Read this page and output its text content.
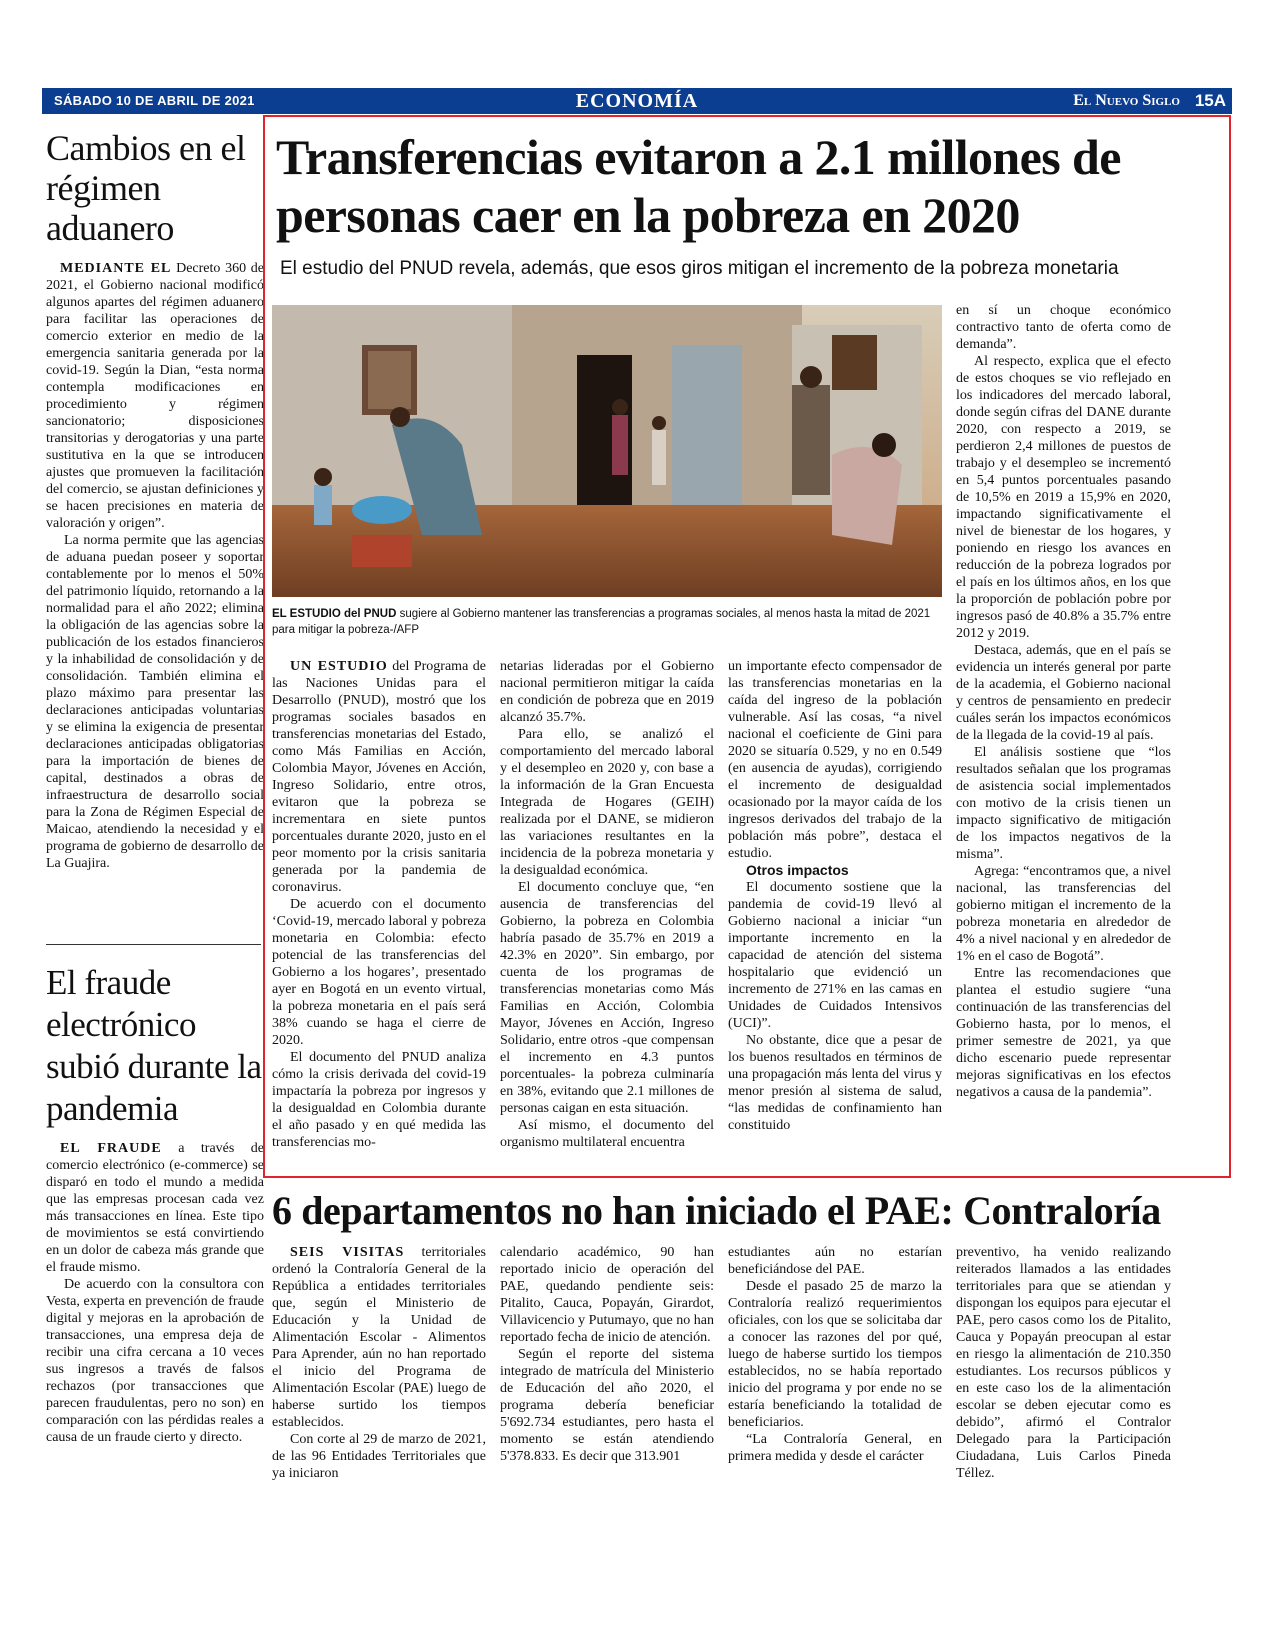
SÁBADO 10 DE ABRIL DE 2021	ECONOMÍA	El Nuevo Siglo 15A
Cambios en el régimen aduanero

MEDIANTE EL Decreto 360 de 2021, el Gobierno nacional modificó algunos apartes del régimen aduanero para facilitar las operaciones de comercio exterior en medio de la emergencia sanitaria generada por la covid-19. Según la Dian, “esta norma contempla modificaciones en procedimiento y régimen sancionatorio; disposiciones transitorias y derogatorias y una parte sustitutiva en la que se introducen ajustes que promueven la facilitación del comercio, se ajustan definiciones y se hacen precisiones en materia de valoración y origen”.

La norma permite que las agencias de aduana puedan poseer y soportar contablemente por lo menos el 50% del patrimonio líquido, retornando a la normalidad para el año 2022; elimina la obligación de las agencias sobre la publicación de los estados financieros y la inhabilidad de consolidación y de consolidación. También elimina el plazo máximo para presentar las declaraciones anticipadas voluntarias y se elimina la exigencia de presentar declaraciones anticipadas obligatorias para la importación de bienes de capital, destinados a obras de infraestructura de desarrollo social para la Zona de Régimen Especial de Maicao, atendiendo la necesidad y el programa de gobierno de desarrollo de La Guajira.

El fraude electrónico subió durante la pandemia

EL FRAUDE a través de comercio electrónico (e-commerce) se disparó en todo el mundo a medida que las empresas procesan cada vez más transacciones en línea. Este tipo de movimientos se está convirtiendo en un dolor de cabeza más grande que el fraude mismo.

De acuerdo con la consultora con Vesta, experta en prevención de fraude digital y mejoras en la aprobación de transacciones, una empresa deja de recibir una cifra cercana a 10 veces sus ingresos a través de falsos rechazos (por transacciones que parecen fraudulentas, pero no son) en comparación con las pérdidas reales a causa de un fraude cierto y directo.

Transferencias evitaron a 2.1 millones de personas caer en la pobreza en 2020

El estudio del PNUD revela, además, que esos giros mitigan el incremento de la pobreza monetaria

EL ESTUDIO del PNUD sugiere al Gobierno mantener las transferencias a programas sociales, al menos hasta la mitad de 2021 para mitigar la pobreza-/AFP

UN ESTUDIO del Programa de las Naciones Unidas para el Desarrollo (PNUD), mostró que los programas sociales basados en transferencias monetarias del Estado, como Más Familias en Acción, Colombia Mayor, Jóvenes en Acción, Ingreso Solidario, entre otros, evitaron que la pobreza se incrementara en siete puntos porcentuales durante 2020, justo en el peor momento por la crisis sanitaria generada por la pandemia de coronavirus.

De acuerdo con el documento ‘Covid-19, mercado laboral y pobreza monetaria en Colombia: efecto potencial de las transferencias del Gobierno a los hogares’, presentado ayer en Bogotá en un evento virtual, la pobreza monetaria en el país será 38% cuando se haga el cierre de 2020.

El documento del PNUD analiza cómo la crisis derivada del covid-19 impactaría la pobreza por ingresos y la desigualdad en Colombia durante el año pasado y en qué medida las transferencias mo-

netarias lideradas por el Gobierno nacional permitieron mitigar la caída en condición de pobreza que en 2019 alcanzó 35.7%.

Para ello, se analizó el comportamiento del mercado laboral y el desempleo en 2020 y, con base a la información de la Gran Encuesta Integrada de Hogares (GEIH) realizada por el DANE, se midieron las variaciones resultantes en la incidencia de la pobreza monetaria y la desigualdad económica.

El documento concluye que, “en ausencia de transferencias del Gobierno, la pobreza en Colombia habría pasado de 35.7% en 2019 a 42.3% en 2020”. Sin embargo, por cuenta de los programas de transferencias monetarias como Más Familias en Acción, Colombia Mayor, Jóvenes en Acción, Ingreso Solidario, entre otros -que compensan el incremento en 4.3 puntos porcentuales- la pobreza culminaría en 38%, evitando que 2.1 millones de personas caigan en esta situación.

Así mismo, el documento del organismo multilateral encuentra

un importante efecto compensador de las transferencias monetarias en la caída del ingreso de la población vulnerable. Así las cosas, “a nivel nacional el coeficiente de Gini para 2020 se situaría 0.529, y no en 0.549 (en ausencia de ayudas), corrigiendo el incremento de desigualdad ocasionado por la mayor caída de los ingresos derivados del trabajo de la población más pobre”, destaca el estudio.

Otros impactos

El documento sostiene que la pandemia de covid-19 llevó al Gobierno nacional a iniciar “un importante incremento en la capacidad de atención del sistema hospitalario que evidenció un incremento de 271% en las camas en Unidades de Cuidados Intensivos (UCI)”.

No obstante, dice que a pesar de los buenos resultados en términos de una propagación más lenta del virus y menor presión al sistema de salud, “las medidas de confinamiento han constituido

en sí un choque económico contractivo tanto de oferta como de demanda”.

Al respecto, explica que el efecto de estos choques se vio reflejado en los indicadores del mercado laboral, donde según cifras del DANE durante 2020, con respecto a 2019, se perdieron 2,4 millones de puestos de trabajo y el desempleo se incrementó en 5,4 puntos porcentuales pasando de 10,5% en 2019 a 15,9% en 2020, impactando significativamente el nivel de bienestar de los hogares, y poniendo en riesgo los avances en reducción de la pobreza logrados por el país en los últimos años, en los que la proporción de población pobre por ingresos pasó de 40.8% a 35.7% entre 2012 y 2019.

Destaca, además, que en el país se evidencia un interés general por parte de la academia, el Gobierno nacional y centros de pensamiento en predecir cuáles serán los impactos económicos de la llegada de la covid-19 al país.

El análisis sostiene que “los resultados señalan que los programas de asistencia social implementados con motivo de la crisis tienen un impacto significativo de mitigación de los impactos negativos de la misma”.

Agrega: “encontramos que, a nivel nacional, las transferencias del gobierno mitigan el incremento de la pobreza monetaria en alrededor de 4% a nivel nacional y en alrededor de 1% en el caso de Bogotá”.

Entre las recomendaciones que plantea el estudio sugiere “una continuación de las transferencias del Gobierno hasta, por lo menos, el primer semestre de 2021, ya que dicho escenario puede representar mejoras significativas en los efectos negativos a causa de la pandemia”.

6 departamentos no han iniciado el PAE: Contraloría

SEIS VISITAS territoriales ordenó la Contraloría General de la República a entidades territoriales que, según el Ministerio de Educación y la Unidad de Alimentación Escolar - Alimentos Para Aprender, aún no han reportado el inicio del Programa de Alimentación Escolar (PAE) luego de haberse surtido los tiempos establecidos.

Con corte al 29 de marzo de 2021, de las 96 Entidades Territoriales que ya iniciaron

calendario académico, 90 han reportado inicio de operación del PAE, quedando pendiente seis: Pitalito, Cauca, Popayán, Girardot, Villavicencio y Putumayo, que no han reportado fecha de inicio de atención.

Según el reporte del sistema integrado de matrícula del Ministerio de Educación del año 2020, el programa debería beneficiar 5'692.734 estudiantes, pero hasta el momento se están atendiendo 5'378.833. Es decir que 313.901

estudiantes aún no estarían beneficiándose del PAE.

Desde el pasado 25 de marzo la Contraloría realizó requerimientos oficiales, con los que se solicitaba dar a conocer las razones del por qué, luego de haberse surtido los tiempos establecidos, no se había reportado inicio del programa y por ende no se estaría beneficiando la totalidad de beneficiarios.

“La Contraloría General, en primera medida y desde el carácter

preventivo, ha venido realizando reiterados llamados a las entidades territoriales para que se atiendan y dispongan los equipos para ejecutar el PAE, pero casos como los de Pitalito, Cauca y Popayán preocupan al estar en riesgo la alimentación de 210.350 estudiantes. Los recursos públicos y en este caso los de la alimentación escolar se deben ejecutar como es debido”, afirmó el Contralor Delegado para la Participación Ciudadana, Luis Carlos Pineda Téllez.
